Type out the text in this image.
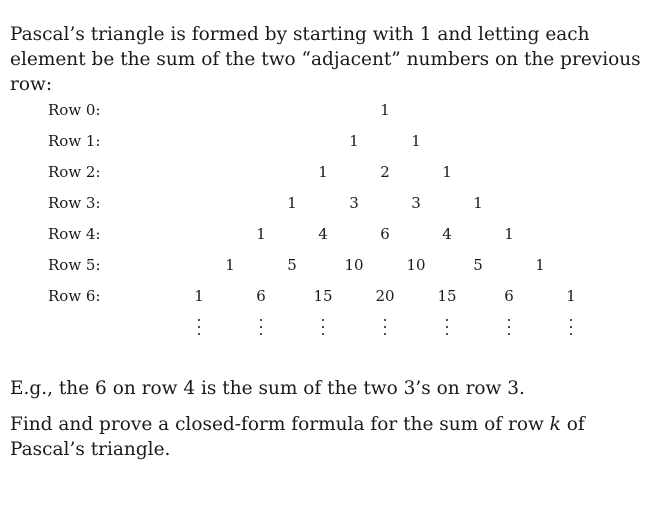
Pascal’s triangle is formed by starting with 1 and letting each element be the sum of the two “adjacent” numbers on the previous row:

Row 0:	1
Row 1:	1	1
Row 2:	1	2	1
Row 3:	1	3	3	1
Row 4:	1	4	6	4	1
Row 5:	1	5	10	10	5	1
Row 6:	1	6	15	20	15	6	1

E.g., the 6 on row 4 is the sum of the two 3’s on row 3.

Find and prove a closed-form formula for the sum of row k of Pascal’s triangle.
